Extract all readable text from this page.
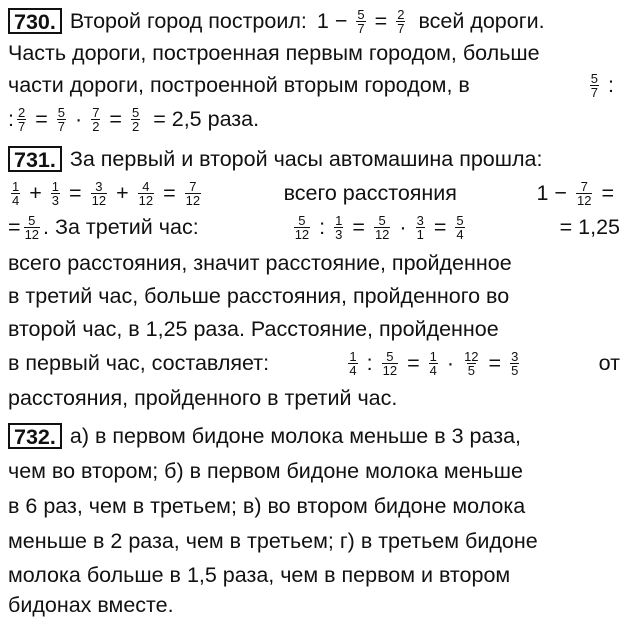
730. Второй город построил: $1 - \frac{5}{7} = \frac{2}{7}$ всей дороги.
Часть дороги, построенная первым городом, больше
части дороги, построенной вторым городом, в	$\frac{5}{7}$ :
: $\frac{2}{7} = \frac{5}{7} \cdot \frac{7}{2} = \frac{5}{2} = 2,5$ раза.
731. За первый и второй часы автомашина прошла:
$\frac{1}{4} + \frac{1}{3} = \frac{3}{12} + \frac{4}{12} = \frac{7}{12}$	всего расстояния	$1 - \frac{7}{12}$ =
= $\frac{5}{12}$ . За третий час:	$\frac{5}{12}$ : $\frac{1}{3} = \frac{5}{12} \cdot \frac{3}{1} = \frac{5}{4}$	= 1,25
всего расстояния, значит расстояние, пройденное
в третий час, больше расстояния, пройденного во
второй час, в 1,25 раза. Расстояние, пройденное
в первый час, составляет:	$\frac{1}{4}$ : $\frac{5}{12} = \frac{1}{4} \cdot \frac{12}{5} = \frac{3}{5}$	от
расстояния, пройденного в третий час.
732. а) в первом бидоне молока меньше в 3 раза,
чем во втором; б) в первом бидоне молока меньше
в 6 раз, чем в третьем; в) во втором бидоне молока
меньше в 2 раза, чем в третьем; г) в третьем бидоне
молока больше в 1,5 раза, чем в первом и втором
бидонах вместе.
